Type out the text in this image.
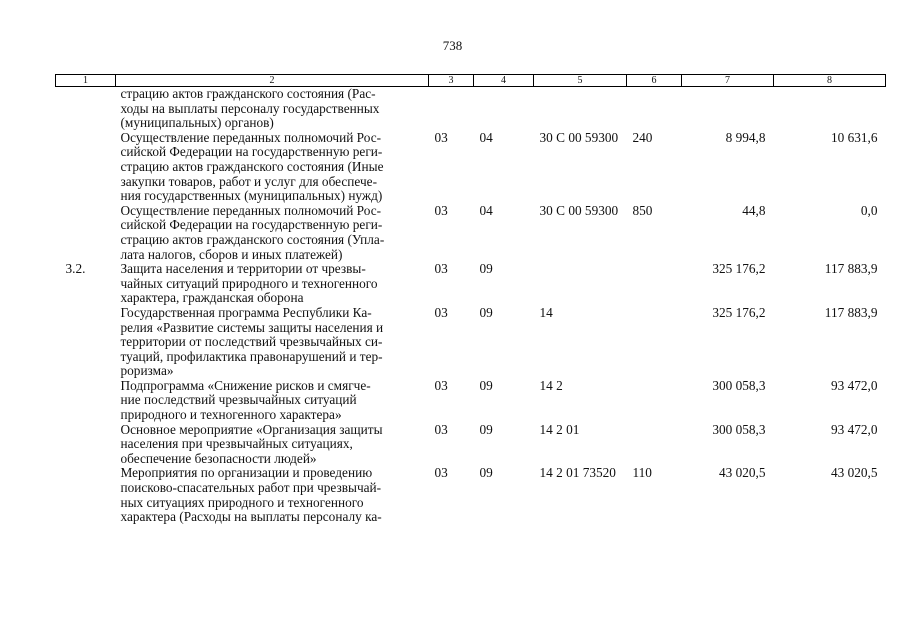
738
1	2	3	4	5	6	7	8
	страцию актов гражданского состояния (Рас-
ходы на выплаты персоналу государственных
(муниципальных) органов)						
	Осуществление переданных полномочий Рос-
сийской Федерации на государственную реги-
страцию актов гражданского состояния (Иные
закупки товаров, работ и услуг для обеспече-
ния государственных (муниципальных) нужд)	03	04	30 С 00 59300	240	8 994,8	10 631,6
	Осуществление переданных полномочий Рос-
сийской Федерации на государственную реги-
страцию актов гражданского состояния (Упла-
лата налогов, сборов и иных платежей)	03	04	30 С 00 59300	850	44,8	0,0
3.2.	Защита населения и территории от чрезвы-
чайных ситуаций природного и техногенного
характера, гражданская оборона	03	09			325 176,2	117 883,9
	Государственная программа Республики Ка-
релия «Развитие системы защиты населения и
территории от последствий чрезвычайных си-
туаций, профилактика правонарушений и тер-
роризма»	03	09	14		325 176,2	117 883,9
	Подпрограмма «Снижение рисков и смягче-
ние последствий чрезвычайных ситуаций
природного и техногенного характера»	03	09	14 2		300 058,3	93 472,0
	Основное мероприятие «Организация защиты
населения при чрезвычайных ситуациях,
обеспечение безопасности людей»	03	09	14 2 01		300 058,3	93 472,0
	Мероприятия по организации и проведению
поисково-спасательных работ при чрезвычай-
ных ситуациях природного и техногенного
характера (Расходы на выплаты персоналу ка-	03	09	14 2 01 73520	110	43 020,5	43 020,5
